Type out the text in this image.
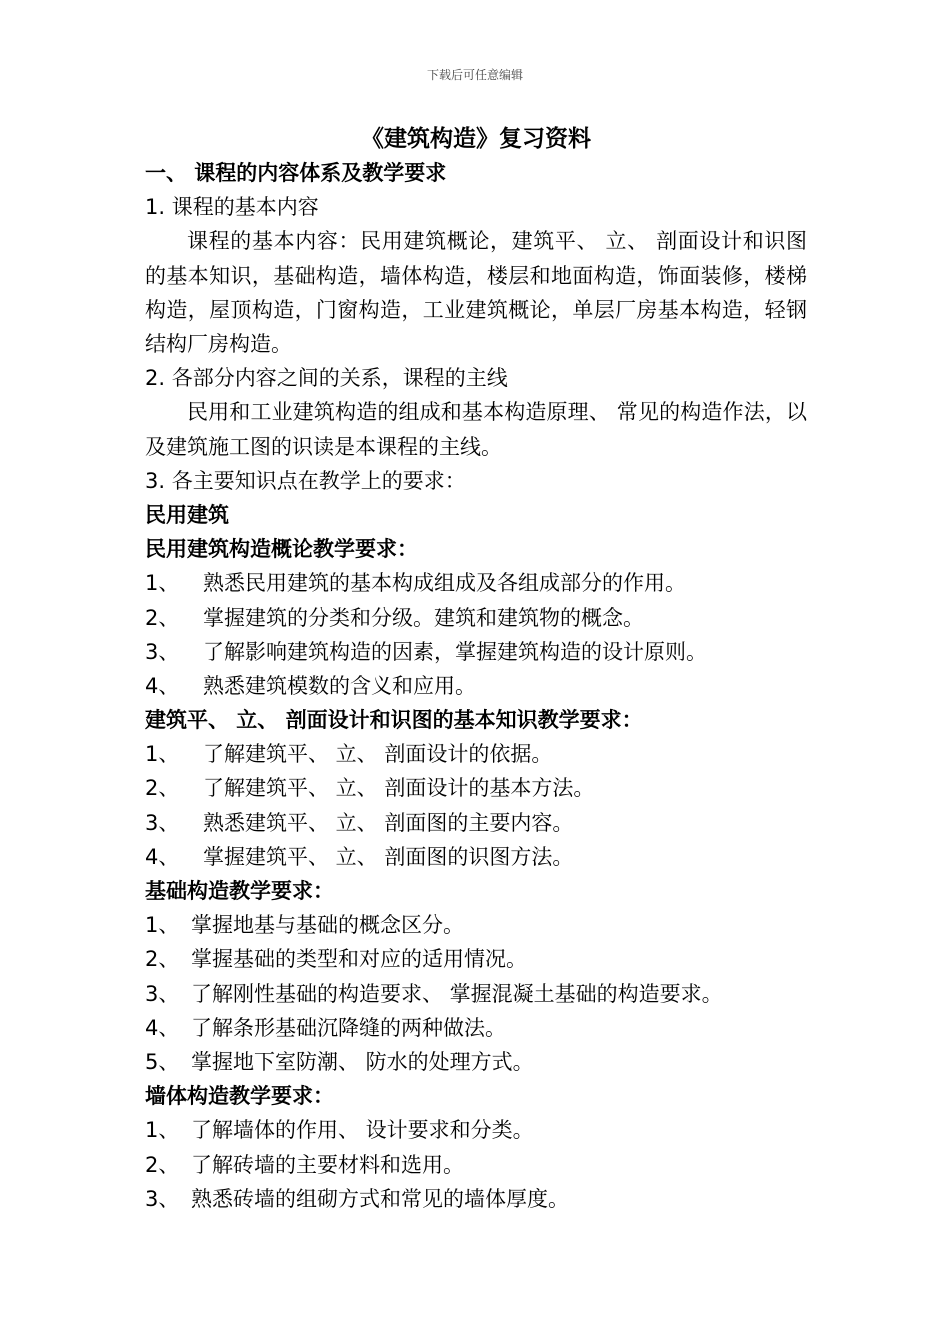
下载后可任意编辑
《建筑构造》复习资料
一、 课程的内容体系及教学要求
1. 课程的基本内容
课程的基本内容：民用建筑概论，建筑平、 立、 剖面设计和识图的基本知识，基础构造，墙体构造，楼层和地面构造，饰面装修，楼梯构造，屋顶构造，门窗构造，工业建筑概论，单层厂房基本构造，轻钢结构厂房构造。
2. 各部分内容之间的关系，课程的主线
民用和工业建筑构造的组成和基本构造原理、 常见的构造作法，以及建筑施工图的识读是本课程的主线。
3. 各主要知识点在教学上的要求：
民用建筑
民用建筑构造概论教学要求：
1、	熟悉民用建筑的基本构成组成及各组成部分的作用。
2、	掌握建筑的分类和分级。建筑和建筑物的概念。
3、	了解影响建筑构造的因素，掌握建筑构造的设计原则。
4、	熟悉建筑模数的含义和应用。
建筑平、 立、 剖面设计和识图的基本知识教学要求：
1、	了解建筑平、 立、 剖面设计的依据。
2、	了解建筑平、 立、 剖面设计的基本方法。
3、	熟悉建筑平、 立、 剖面图的主要内容。
4、	掌握建筑平、 立、 剖面图的识图方法。
基础构造教学要求：
1、 掌握地基与基础的概念区分。
2、 掌握基础的类型和对应的适用情况。
3、 了解刚性基础的构造要求、 掌握混凝土基础的构造要求。
4、 了解条形基础沉降缝的两种做法。
5、 掌握地下室防潮、 防水的处理方式。
墙体构造教学要求：
1、 了解墙体的作用、 设计要求和分类。
2、 了解砖墙的主要材料和选用。
3、 熟悉砖墙的组砌方式和常见的墙体厚度。
